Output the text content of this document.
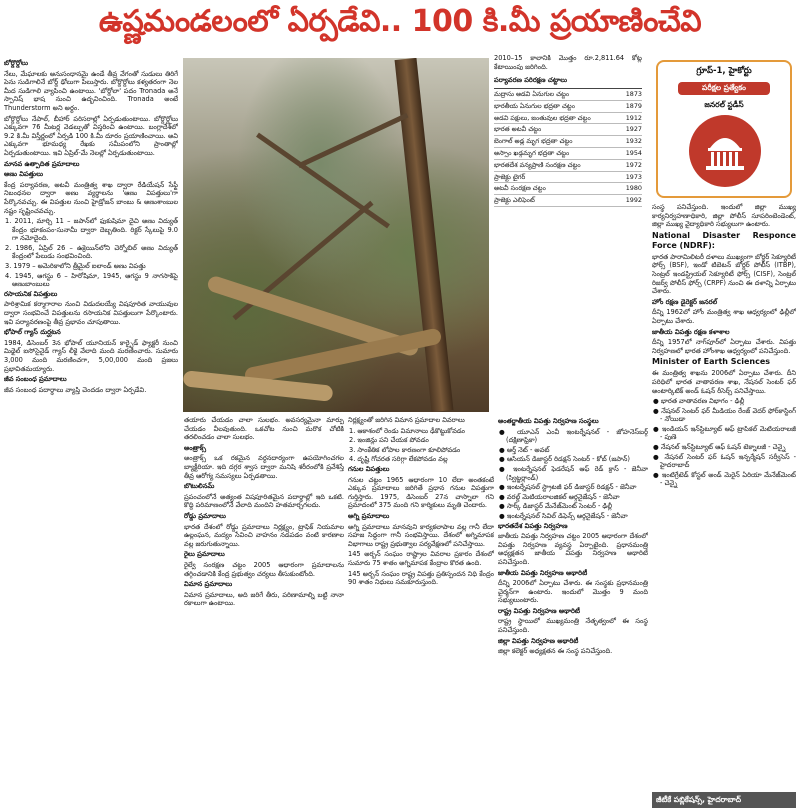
ఉష్ణమండలంలో ఏర్పడేవి.. 100 కి.మీ ప్రయాణించేవి

బోర్డొర్డోలు

నేలు, మేఘాలకు అనుసంధానమై ఉండే తీవ్ర వేగంతో సుడులు తిరిగే పెను సుడిగాలినే బోర్డ్ ఢోలుగా పిలుస్తారు. బోర్డొర్డోలు కళ్యతరంగా నెల మీద సుడిగాలి వ్యాపించి ఉంటాయి. 'బోర్డోలా' పదం Tronada అనే స్పానిష్ భాష నుంచి ఉద్భవించింది. Tronada అంటే Thunderstorm అని అర్థం.

బోర్డొర్డోలు నేపాల్, బీహార్ పరిసరాల్లో ఏర్పడుతుంటాయి. బోర్డొర్డోలు ఎక్కువగా 76 మీటర్ల వెడల్పుతో విస్తరించి ఉంటాయి. బంగ్లాదేశ్‌లో 9.2 కి.మీ విస్తీర్ణంలో ఏర్పడి 100 కి.మీ దూరం ప్రయాణించాయి. అవి ఎక్కువగా భూమధ్య రేఖకు సమీపంలోని ప్రాంతాల్లో ఏర్పడుతుంటాయి. ఇవి ఏప్రిల్-మే నెలల్లో ఏర్పడుతుంటాయి.

మానవ ఉత్పాదిత ప్రమాదాలు

అణు విపత్తులు

కేంద్ర పర్యావరణ, అటవీ మంత్రిత్వ శాఖ ద్వారా రేడియేషన్ సేఫ్టీ నిబంధనల ద్వారా అణు వ్యర్థాలను 'ఆణు విపత్తులు'గా పేర్కొనవచ్చు. ఈ విపత్తుల నుంచి హైడ్రోజన్ బాంబు & అణుశాంబుల నష్టం సృష్టించవచ్చు.

1. 2011, మార్చి 11 – జపాన్‌లో ఫుకుషిమా దైచి అణు విద్యుత్ కేంద్రం భూకంపం-సునామీ ద్వారా దెబ్బతింది. రిక్టర్ స్కేలుపై 9.0 గా నమోదైంది.

2. 1986, ఏప్రిల్ 26 – ఉక్రెయిన్‌లోని చెర్నోబిల్ అణు విద్యుత్ కేంద్రంలో పేలుడు సంభవించింది.

3. 1979 – అమెరికాలోని త్రీమైల్ ఐలాండ్ అణు విపత్తు

4. 1945, ఆగస్టు 6 – హిరోషిమా, 1945, ఆగస్టు 9 నాగసాకిపై అణుబాంబులు

రసాయనిక విపత్తులు

పారిశ్రామిక కర్మాగారాల నుంచి విడుదలయ్యే విషపూరిత వాయువుల ద్వారా సంభవించే విపత్తులను రసాయనిక విపత్తులుగా పేర్కొంటారు. ఇవి పర్యావరణంపై తీవ్ర ప్రభావం చూపుతాయి.

భోపాల్ గ్యాస్ దుర్ఘటన

1984, డిసెంబర్ 3న భోపాల్ యూనియన్ కార్బైడ్ ఫ్యాక్టరీ నుంచి మిథైల్ ఐసోసైనైడ్ గ్యాస్ లీకై వేలాది మంది మరణించారు. సుమారు 3,000 మంది మరణించగా, 5,00,000 మంది ప్రజలు ప్రభావితమయ్యారు.

జీవ సంబంధ ప్రమాదాలు

జీవ సంబంధ పదార్థాలు వ్యాప్తి చెందడం ద్వారా ఏర్పడేవి.

2010–15 కాలానికి మొత్తం రూ.2,811.64 కోట్ల కేటాయింపు జరిగింది.
పర్యావరణ పరిరక్షణ చట్టాలు
మద్రాసు అడవి ఏనుగుల చట్టం	1873
భారతీయ ఏనుగుల భద్రతా చట్టం	1879
అడవి పక్షులు, జంతువుల భద్రతా చట్టం	1912
భారత అటవీ చట్టం	1927
బెంగాల్ అడ్ల మృగ భద్రతా చట్టం	1932
అస్సాం ఖడ్గమృగ భద్రతా చట్టం	1954
భారతదేశ వన్యప్రాణి సంరక్షణ చట్టం	1972
ప్రాజెక్టు టైగర్	1973
అటవీ సంరక్షణ చట్టం	1980
ప్రాజెక్టు ఎలిఫెంట్	1992
గ్రూప్-1, హైకోర్టు
పరీక్షల ప్రత్యేకం
జనరల్ స్టడీస్

తయారు చేయడం చాలా సులభం. అవసర్యమైనా మార్పు చేయడం వీలవుతుంది. ఒకచోట నుంచి మరొక చోటికి తరలించడం చాలా సులభం.

అంత్రాక్స్

అంత్రాక్స్ ఒక రకమైన వర్ధనదార్యంగా ఉపయోగించగల బ్యాక్టీరియా. ఇది దగ్గర శ్వాస ద్వారా మనిషి శరీరంలోకి ప్రవేశిస్తే తీవ్ర ఆరోగ్య సమస్యలు ఏర్పడతాయి.

బొటులినమ్

ప్రపంచంలోనే అత్యంత విషపూరితమైన పదార్థాల్లో ఇది ఒకటి. కొద్ది పరిమాణంలోనే వేలాది మందిని హతమార్చగలదు.

రోడ్డు ప్రమాదాలు

భారత దేశంలో రోడ్డు ప్రమాదాలు నిర్లక్ష్యం, ట్రాఫిక్ నియమాల ఉల్లంఘన, మద్యం సేవించి వాహనం నడపడం వంటి కారణాల వల్ల జరుగుతున్నాయి.

రైలు ప్రమాదాలు

రైల్వే సంరక్షణ చట్టం 2005 ఆధారంగా ప్రమాదాలను తగ్గించడానికి కేంద్ర ప్రభుత్వం చర్యలు తీసుకుంటోంది.

విమాన ప్రమాదాలు

విమాన ప్రమాదాలు, అది జరిగే తీరు, పరిణామాల్ని బట్టి నానా రకాలుగా ఉంటాయి.

నిర్లక్ష్యంతో జరిగిన విమాన ప్రమాదాల వివరాలు

1. ఆకాశంలో రెండు విమానాలు ఢీకొట్టుకోవడం

2. ఇంజిన్లు పని చేయక పోవడం

3. సాంకేతిక లోపాల కారణంగా కూలిపోవడం

4. దృష్టి గోచరత సరిగ్గా లేకపోవడం వల్ల

గనుల విపత్తులు

గనుల చట్టం 1965 ఆధారంగా 10 లేదా అంతకంటే ఎక్కువ ప్రమాదాలు జరిగితే ప్రధాన గనుల విపత్తుగా గుర్తిస్తారు. 1975, డిసెంబర్ 27న చాస్నాలా గని ప్రమాదంలో 375 మంది గని కార్మికులు మృతి చెందారు.

అగ్ని ప్రమాదాలు

అగ్ని ప్రమాదాలు మానవుని కార్యకలాపాల వల్ల గానీ లేదా సహజ సిద్ధంగా గానీ సంభవిస్తాయి. దేశంలో అగ్నిమాపక విభాగాలు రాష్ట్ర ప్రభుత్వాల పర్యవేక్షణలో పనిచేస్తాయి.

145 అర్బన్ సంఘం రాష్ట్రాల వివరాల ప్రకారం దేశంలో సుమారు 75 శాతం అగ్నిమాపక కేంద్రాల కొరత ఉంది.

145 అర్బన్ సంఘం రాష్ట్ర విపత్తు ప్రతిస్పందన నిధి కేంద్రం 90 శాతం నిధులు సమకూరుస్తుంది.

అంతర్జాతీయ విపత్తు నిర్వహణ సంస్థలు

● యూఎన్ ఎంవీ ఇంటర్నేషనల్ - జోహనెస్‌బర్గ్ (దక్షిణాఫ్రికా)

● అర్త్ నెట్ - అవట్

● ఆసియన్ డిజాస్టర్ రిడక్షన్ సెంటర్ - కోబ్ (జపాన్)

● ఇంటర్నేషనల్ ఫెడరేషన్ ఆఫ్ రెడ్ క్రాస్ - జెనీవా (స్విట్జర్లాండ్)

● ఇంటర్నేషనల్ స్ట్రాటజీ ఫర్ డిజాస్టర్ రిడక్షన్ - జెనీవా

● వరల్డ్ మెటియరాలజికల్ ఆర్గనైజేషన్ - జెనీవా

● సార్క్ డిజాస్టర్ మేనేజ్‌మెంట్ సెంటర్ - ఢిల్లీ

● ఇంటర్నేషనల్ సివిల్ డిఫెన్స్ ఆర్గనైజేషన్ - జెనీవా

భారతదేశ విపత్తు నిర్వహణ

జాతీయ విపత్తు నిర్వహణ చట్టం 2005 ఆధారంగా దేశంలో విపత్తు నిర్వహణ వ్యవస్థ ఏర్పాటైంది. ప్రధానమంత్రి అధ్యక్షతన జాతీయ విపత్తు నిర్వహణ అథారిటీ పనిచేస్తుంది.

జాతీయ విపత్తు నిర్వహణ అథారిటీ

దీన్ని 2006లో ఏర్పాటు చేశారు. ఈ సంస్థకు ప్రధానమంత్రి చైర్మన్‌గా ఉంటారు. ఇందులో మొత్తం 9 మంది సభ్యులుంటారు.

రాష్ట్ర విపత్తు నిర్వహణ అథారిటీ

రాష్ట్ర స్థాయిలో ముఖ్యమంత్రి నేతృత్వంలో ఈ సంస్థ పనిచేస్తుంది.

జిల్లా విపత్తు నిర్వహణ అథారిటీ

జిల్లా కలెక్టర్ అధ్యక్షతన ఈ సంస్థ పనిచేస్తుంది.

సంస్థ పనిచేస్తుంది. ఇందులో జిల్లా ముఖ్య కార్యనిర్వహణాధికారి, జిల్లా పోలీస్ సూపరింటెండెంట్, జిల్లా ముఖ్య వైద్యాధికారి సభ్యులుగా ఉంటారు.

National Disaster Responce Force (NDRF):

భారత పారామిలిటరీ దళాలు ముఖ్యంగా బోర్డర్ సెక్యూరిటీ ఫోర్స్ (BSF), ఇండో టిబెటన్ బోర్డర్ పోలీస్ (ITBP), సెంట్రల్ ఇండస్ట్రియల్ సెక్యూరిటీ ఫోర్స్ (CISF), సెంట్రల్ రిజర్వ్ పోలీస్ ఫోర్స్ (CRPF) నుంచి ఈ దళాన్ని ఏర్పాటు చేశారు.

హోం రక్షణ డైరెక్టర్ జనరల్

దీన్ని 1962లో హోం మంత్రిత్వ శాఖ ఆధ్వర్యంలో ఢిల్లీలో ఏర్పాటు చేశారు.

జాతీయ విపత్తు రక్షణ కళాశాల

దీన్ని 1957లో నాగ్‌పూర్‌లో ఏర్పాటు చేశారు. విపత్తు నిర్వహణలో భారత హోంశాఖ ఆధ్వర్యంలో పనిచేస్తుంది.

Minister of Earth Sciences

ఈ మంత్రిత్వ శాఖను 2006లో ఏర్పాటు చేశారు. దీని పరిధిలో భారత వాతావరణ శాఖ, నేషనల్ సెంటర్ ఫర్ అంటార్కిటిక్ అండ్ ఓషన్ రీసెర్చ్ పనిచేస్తాయి.

● భారత వాతావరణ విభాగం - ఢిల్లీ

● నేషనల్ సెంటర్ ఫర్ మీడియం రేంజ్ వెదర్ ఫోర్‌కాస్టింగ్ - నోయిడా

● ఇండియన్ ఇన్‌స్టిట్యూట్ ఆఫ్ ట్రాపికల్ మెటియరాలజీ - పుణె

● నేషనల్ ఇన్‌స్టిట్యూట్ ఆఫ్ ఓషన్ టెక్నాలజీ - చెన్నై

● నేషనల్ సెంటర్ ఫర్ ఓషన్ ఇన్ఫర్మేషన్ సర్వీసెస్ - హైదరాబాద్

● ఇంటిగ్రేటెడ్ కోస్టల్ అండ్ మెరైన్ ఏరియా మేనేజ్‌మెంట్ - చెన్నై

జీటీకే పబ్లికేషన్స్, హైదరాబాద్
